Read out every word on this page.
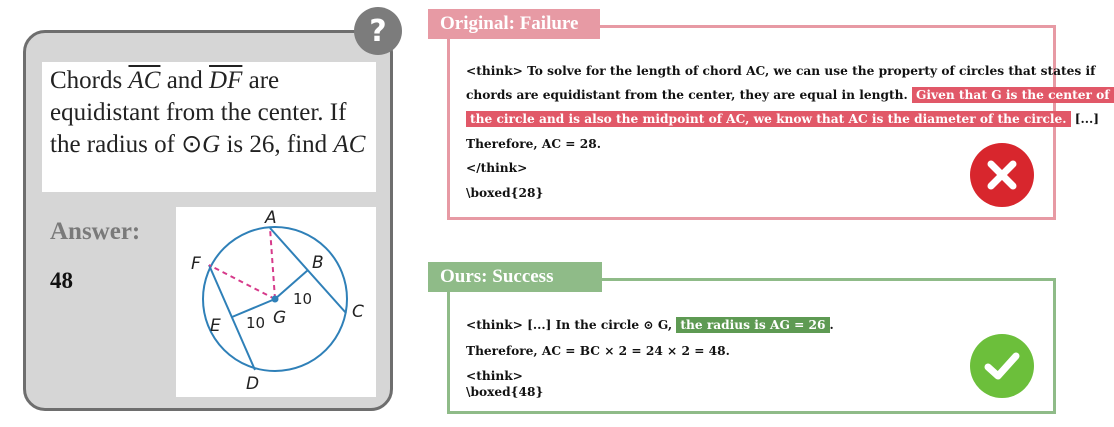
?
Chords $\overline{AC}$ and $\overline{DF}$ are equidistant from the center. If the radius of ⊙G is 26, find AC
Answer:
48
A
B
C
D
E
F
G
10
10
Original: Failure
<think> To solve for the length of chord AC, we can use the property of circles that states if
chords are equidistant from the center, they are equal in length. Given that G is the center of
the circle and is also the midpoint of AC, we know that AC is the diameter of the circle. [...]
Therefore, AC = 28.
</think>
\boxed{28}
Ours: Success
<think> [...] In the circle ⊙ G, the radius is AG = 26 .
Therefore, AC = BC × 2 = 24 × 2 = 48.
<think>
\boxed{48}
